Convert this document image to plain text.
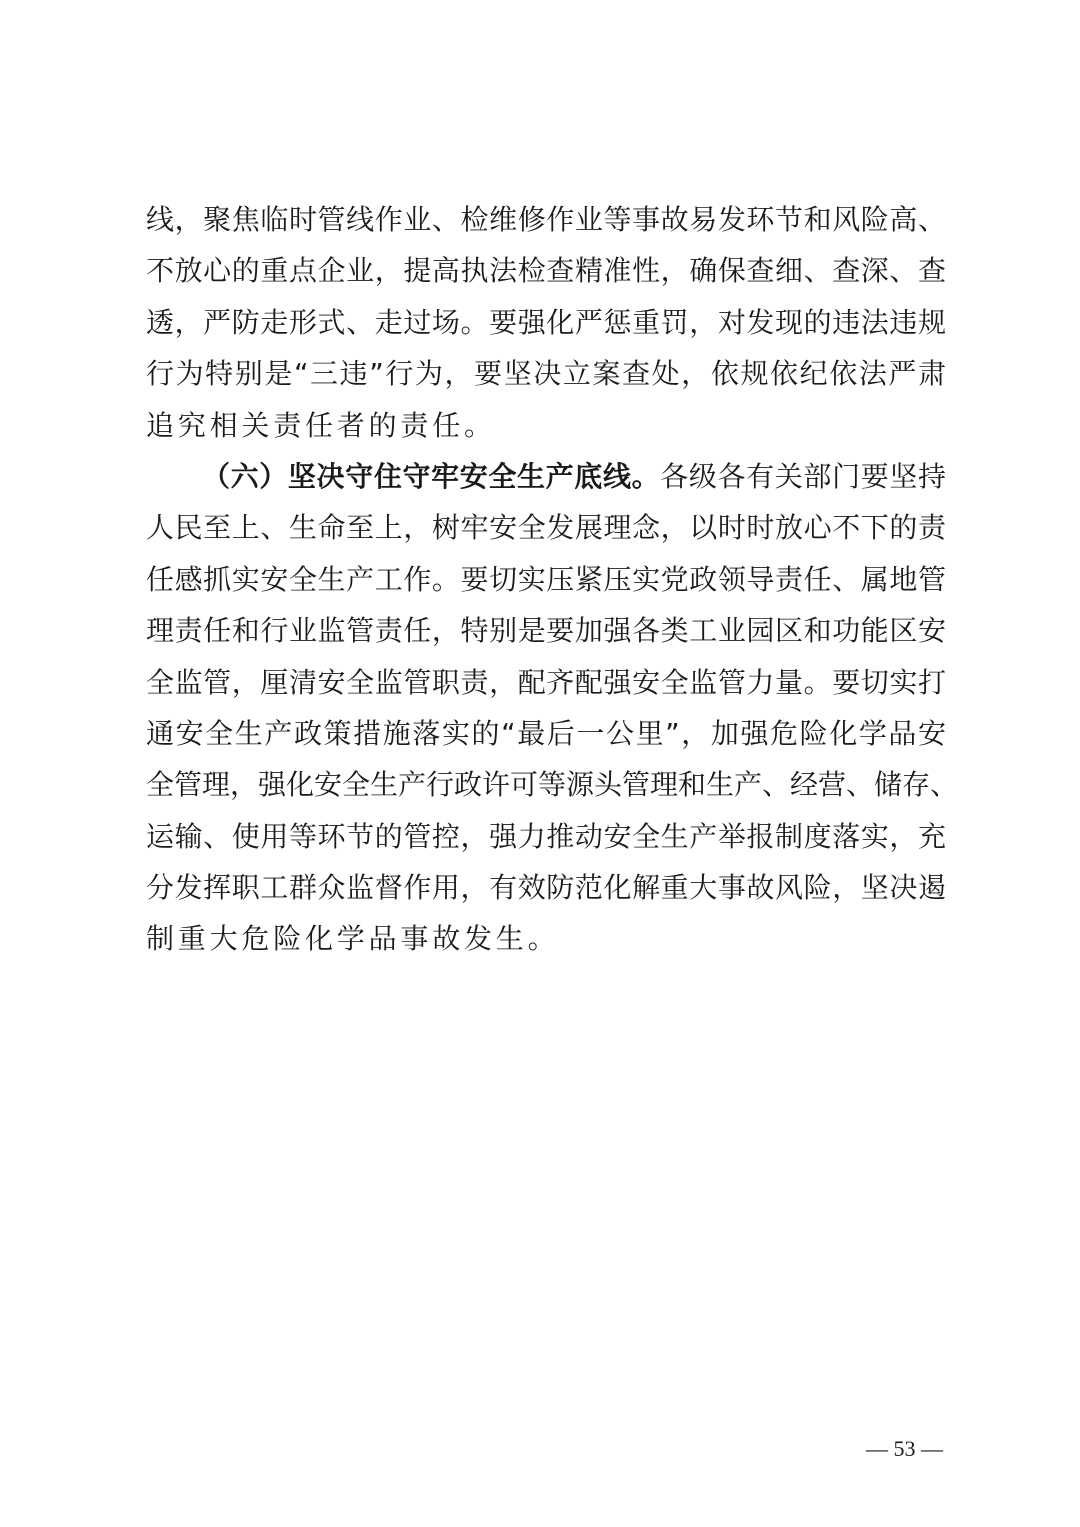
线，聚焦临时管线作业、检维修作业等事故易发环节和风险高、
不放心的重点企业，提高执法检查精准性，确保查细、查深、查
透，严防走形式、走过场。要强化严惩重罚，对发现的违法违规
行为特别是“三违”行为，要坚决立案查处，依规依纪依法严肃
追究相关责任者的责任。
（六）坚决守住守牢安全生产底线。各级各有关部门要坚持
人民至上、生命至上，树牢安全发展理念，以时时放心不下的责
任感抓实安全生产工作。要切实压紧压实党政领导责任、属地管
理责任和行业监管责任，特别是要加强各类工业园区和功能区安
全监管，厘清安全监管职责，配齐配强安全监管力量。要切实打
通安全生产政策措施落实的“最后一公里”，加强危险化学品安
全管理，强化安全生产行政许可等源头管理和生产、经营、储存、
运输、使用等环节的管控，强力推动安全生产举报制度落实，充
分发挥职工群众监督作用，有效防范化解重大事故风险，坚决遏
制重大危险化学品事故发生。
— 53 —
